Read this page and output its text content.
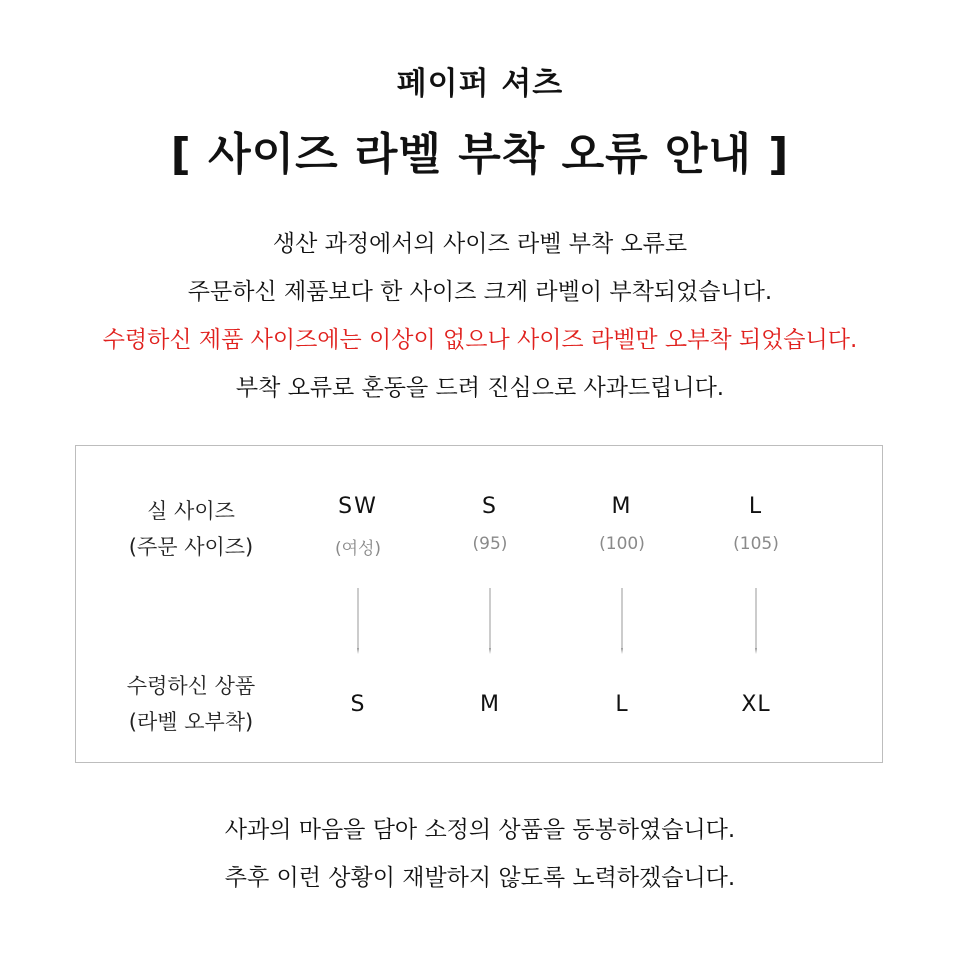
페이퍼 셔츠
[ 사이즈 라벨 부착 오류 안내 ]
생산 과정에서의 사이즈 라벨 부착 오류로
주문하신 제품보다 한 사이즈 크게 라벨이 부착되었습니다.
수령하신 제품 사이즈에는 이상이 없으나 사이즈 라벨만 오부착 되었습니다.
부착 오류로 혼동을 드려 진심으로 사과드립니다.
실 사이즈
(주문 사이즈)
수령하신 상품
(라벨 오부착)
SW
(여성)
S
S
(95)
M
M
(100)
L
L
(105)
XL
사과의 마음을 담아 소정의 상품을 동봉하였습니다.
추후 이런 상황이 재발하지 않도록 노력하겠습니다.
